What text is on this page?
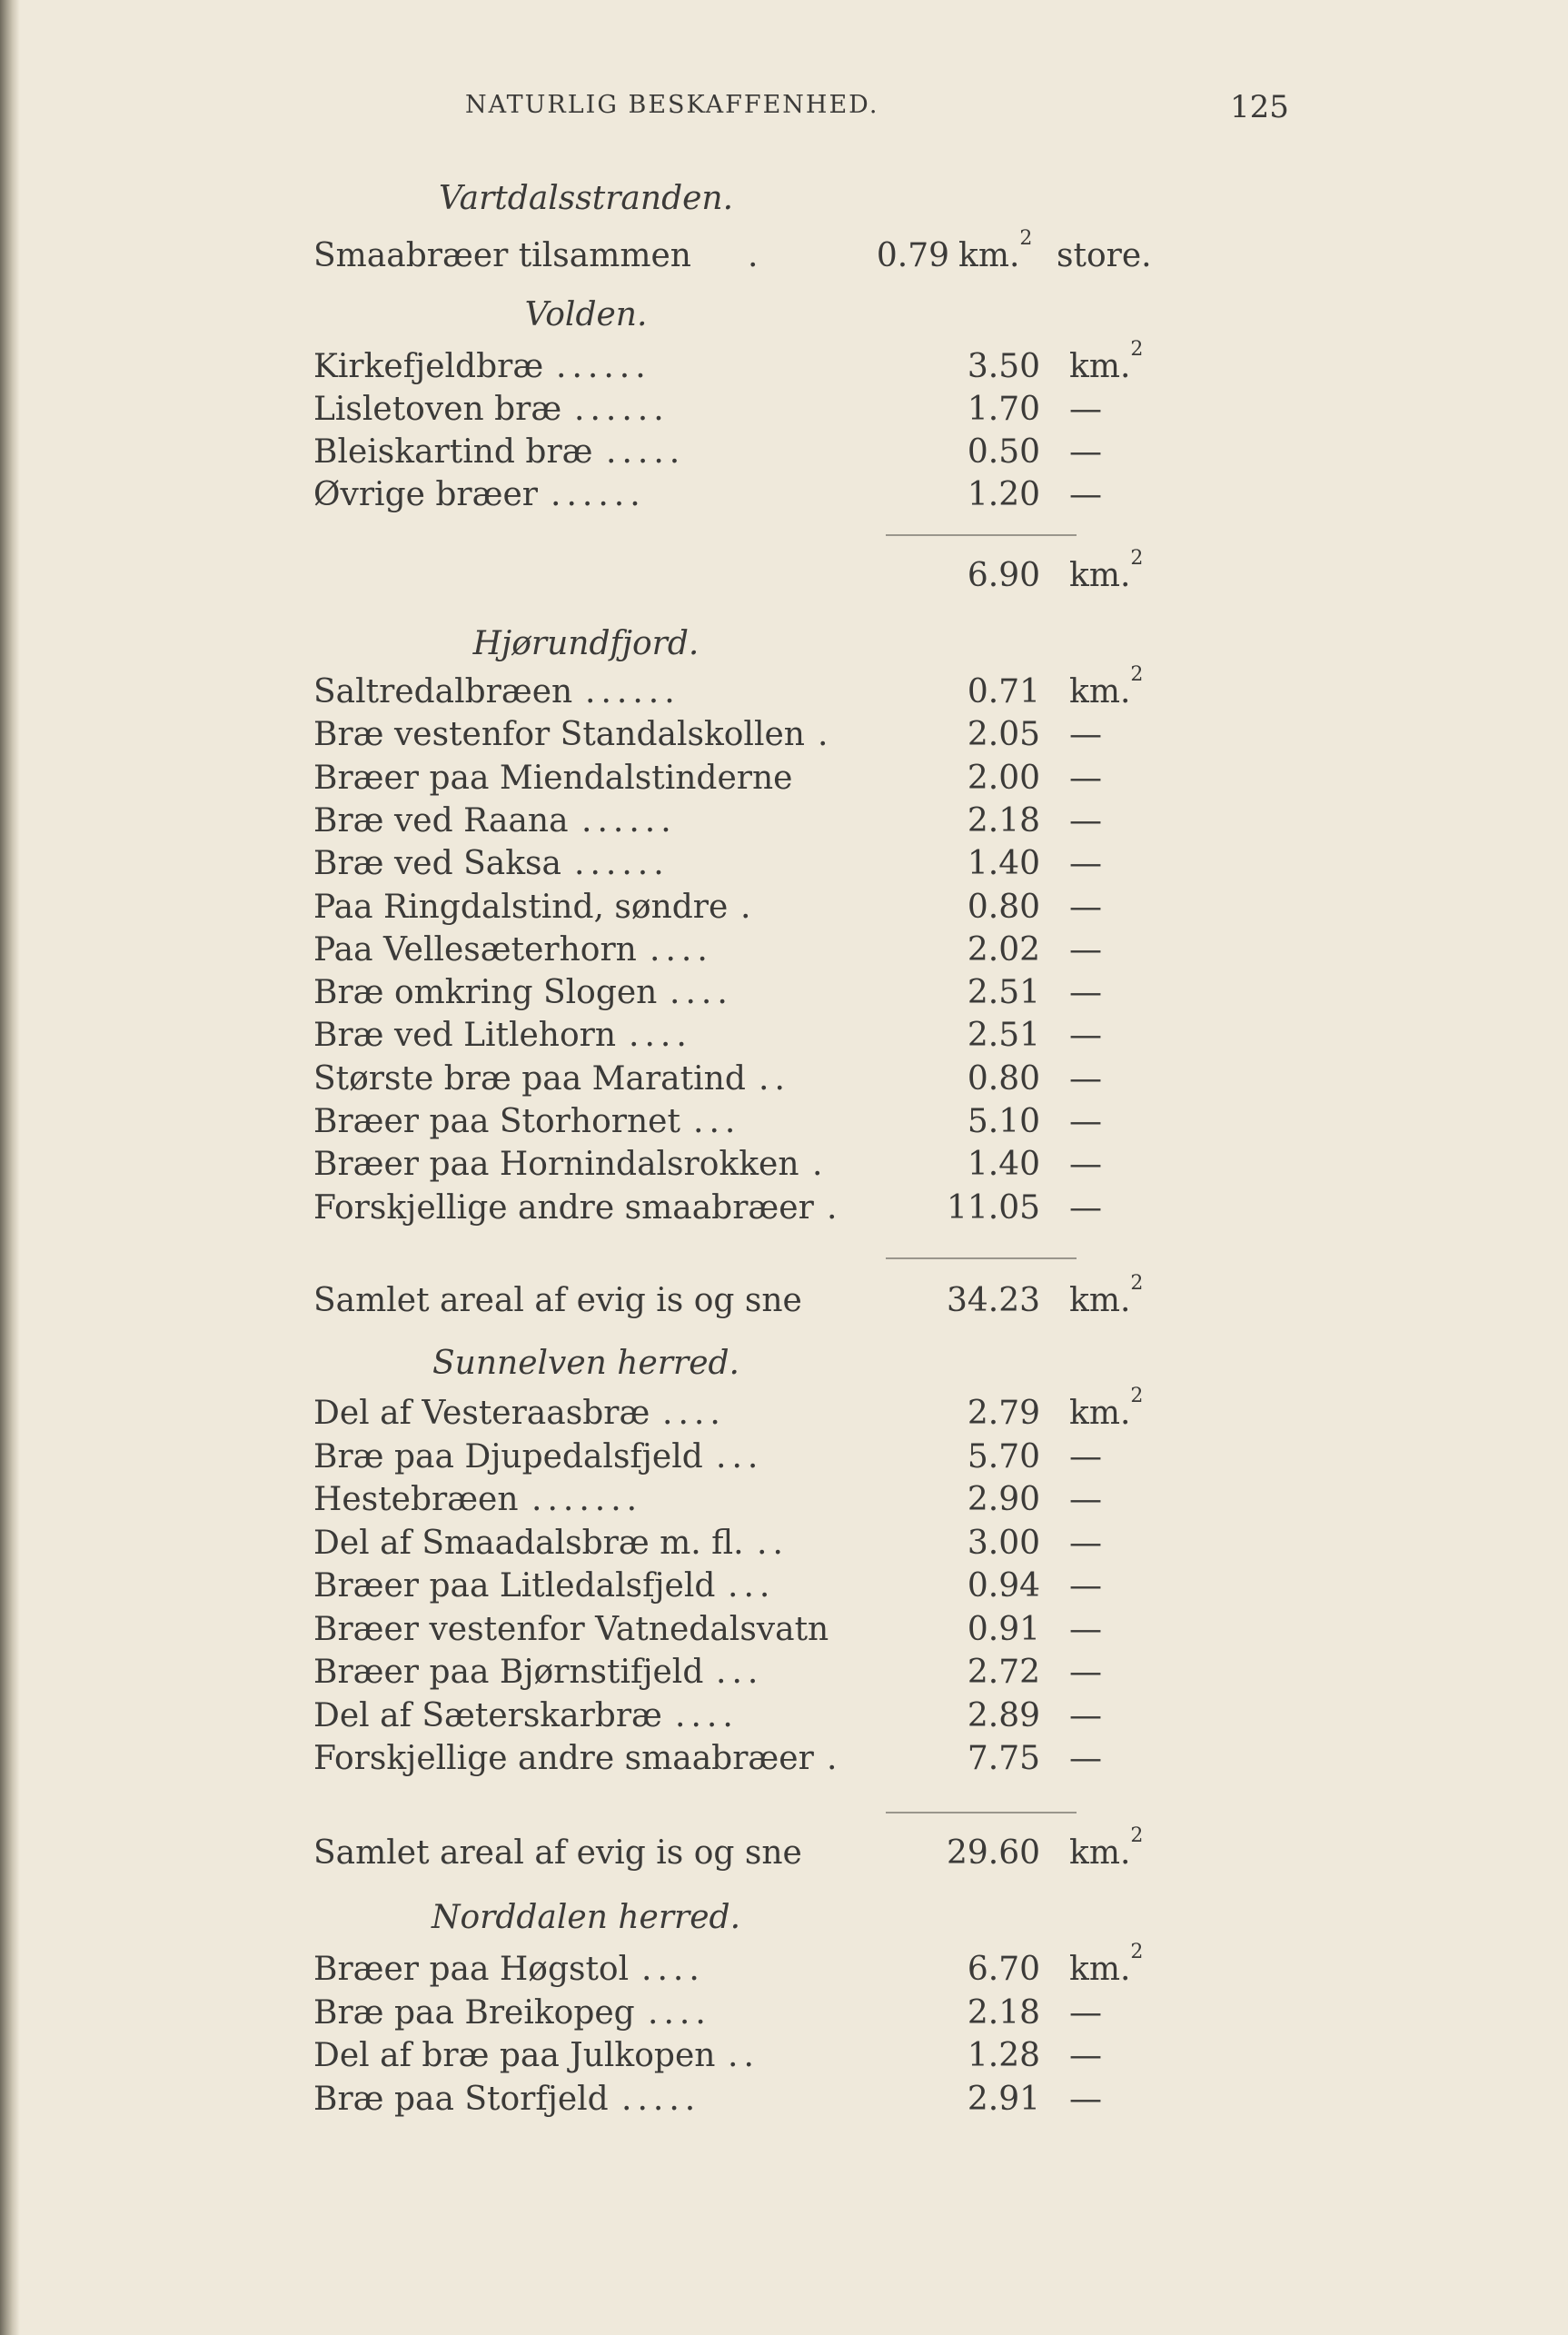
NATURLIG BESKAFFENHED.	125
Vartdalsstranden.
Smaabræer tilsammen .	0.79 km.$^2$ store.
Volden.
Kirkefjeldbræ ......	3.50 km.$^2$
Lisletoven bræ ......	1.70 —
Bleiskartind bræ .....	0.50 —
Øvrige bræer ......	1.20 —
6.90 km.$^2$
Hjørundfjord.
Saltredalbræen ......	0.71 km.$^2$
Bræ vestenfor Standalskollen .	2.05 —
Bræer paa Miendalstinderne	2.00 —
Bræ ved Raana ......	2.18 —
Bræ ved Saksa ......	1.40 —
Paa Ringdalstind, søndre .	0.80 —
Paa Vellesæterhorn ....	2.02 —
Bræ omkring Slogen ....	2.51 —
Bræ ved Litlehorn ....	2.51 —
Største bræ paa Maratind ..	0.80 —
Bræer paa Storhornet ...	5.10 —
Bræer paa Hornindalsrokken .	1.40 —
Forskjellige andre smaabræer .	11.05 —
Samlet areal af evig is og sne	34.23 km.$^2$
Sunnelven herred.
Del af Vesteraasbræ ....	2.79 km.$^2$
Bræ paa Djupedalsfjeld ...	5.70 —
Hestebræen .......	2.90 —
Del af Smaadalsbræ m. fl. ..	3.00 —
Bræer paa Litledalsfjeld ...	0.94 —
Bræer vestenfor Vatnedalsvatn	0.91 —
Bræer paa Bjørnstifjeld ...	2.72 —
Del af Sæterskarbræ ....	2.89 —
Forskjellige andre smaabræer .	7.75 —
Samlet areal af evig is og sne	29.60 km.$^2$
Norddalen herred.
Bræer paa Høgstol ....	6.70 km.$^2$
Bræ paa Breikopeg ....	2.18 —
Del af bræ paa Julkopen ..	1.28 —
Bræ paa Storfjeld .....	2.91 —
